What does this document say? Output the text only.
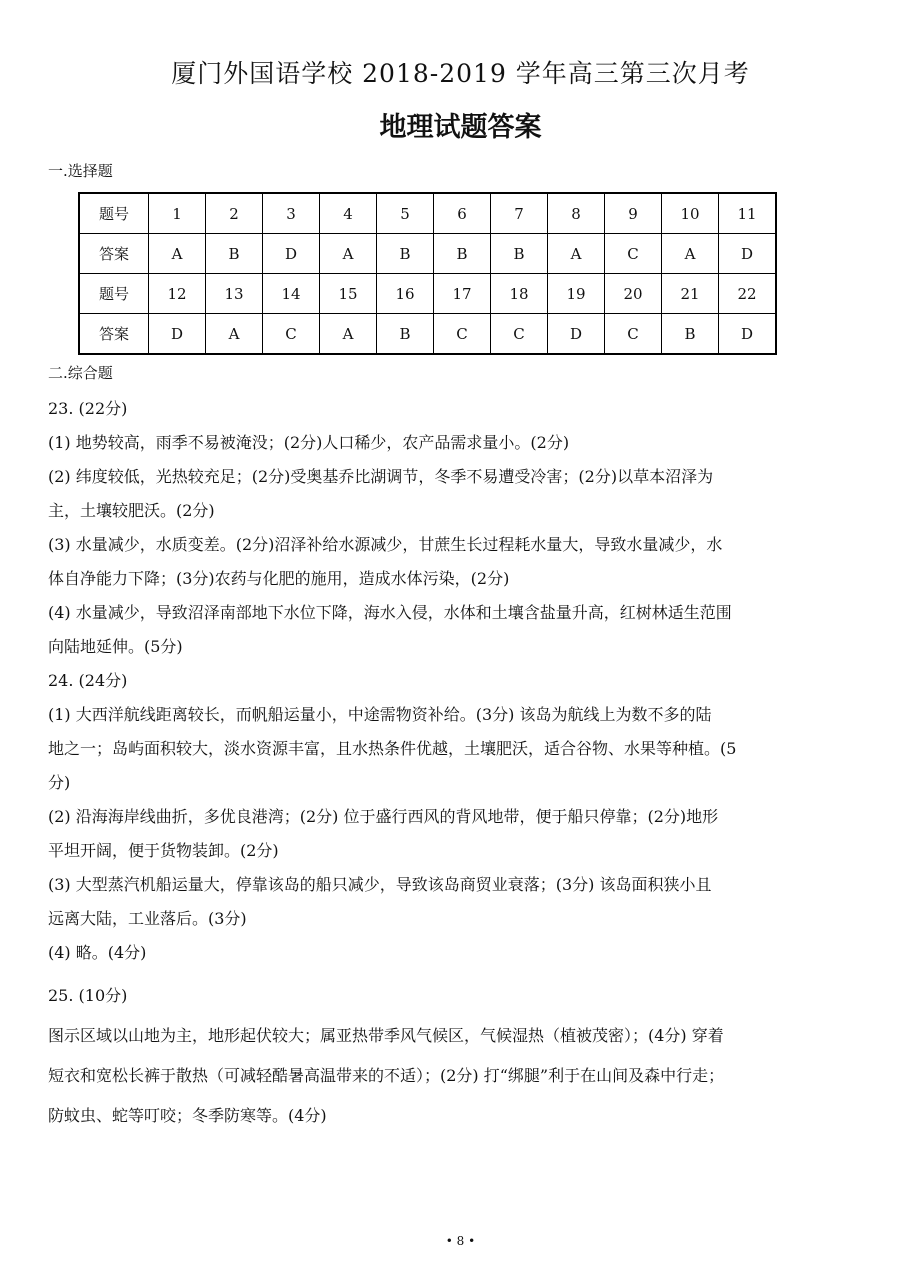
厦门外国语学校 2018-2019 学年高三第三次月考
地理试题答案
一.选择题
题号	1	2	3	4	5	6	7	8	9	10	11
答案	A	B	D	A	B	B	B	A	C	A	D
题号	12	13	14	15	16	17	18	19	20	21	22
答案	D	A	C	A	B	C	C	D	C	B	D
二.综合题

23. (22分)

(1) 地势较高，雨季不易被淹没；(2分)人口稀少，农产品需求量小。(2分)

(2) 纬度较低，光热较充足；(2分)受奥基乔比湖调节，冬季不易遭受冷害；(2分)以草本沼泽为

主，土壤较肥沃。(2分)

(3) 水量减少，水质变差。(2分)沼泽补给水源减少，甘蔗生长过程耗水量大，导致水量减少，水

体自净能力下降；(3分)农药与化肥的施用，造成水体污染，(2分)

(4) 水量减少，导致沼泽南部地下水位下降，海水入侵，水体和土壤含盐量升高，红树林适生范围

向陆地延伸。(5分)

24. (24分)

(1) 大西洋航线距离较长，而帆船运量小，中途需物资补给。(3分) 该岛为航线上为数不多的陆

地之一；岛屿面积较大，淡水资源丰富，且水热条件优越，土壤肥沃，适合谷物、水果等种植。(5

分)

(2) 沿海海岸线曲折，多优良港湾；(2分) 位于盛行西风的背风地带，便于船只停靠；(2分)地形

平坦开阔，便于货物装卸。(2分)

(3) 大型蒸汽机船运量大，停靠该岛的船只减少，导致该岛商贸业衰落；(3分) 该岛面积狭小且

远离大陆，工业落后。(3分)

(4) 略。(4分)

25. (10分)

图示区域以山地为主，地形起伏较大；属亚热带季风气候区，气候湿热（植被茂密）；(4分) 穿着

短衣和宽松长裤于散热（可减轻酷暑高温带来的不适）；(2分) 打“绑腿”利于在山间及森中行走；

防蚊虫、蛇等叮咬；冬季防寒等。(4分)

• 8 •
